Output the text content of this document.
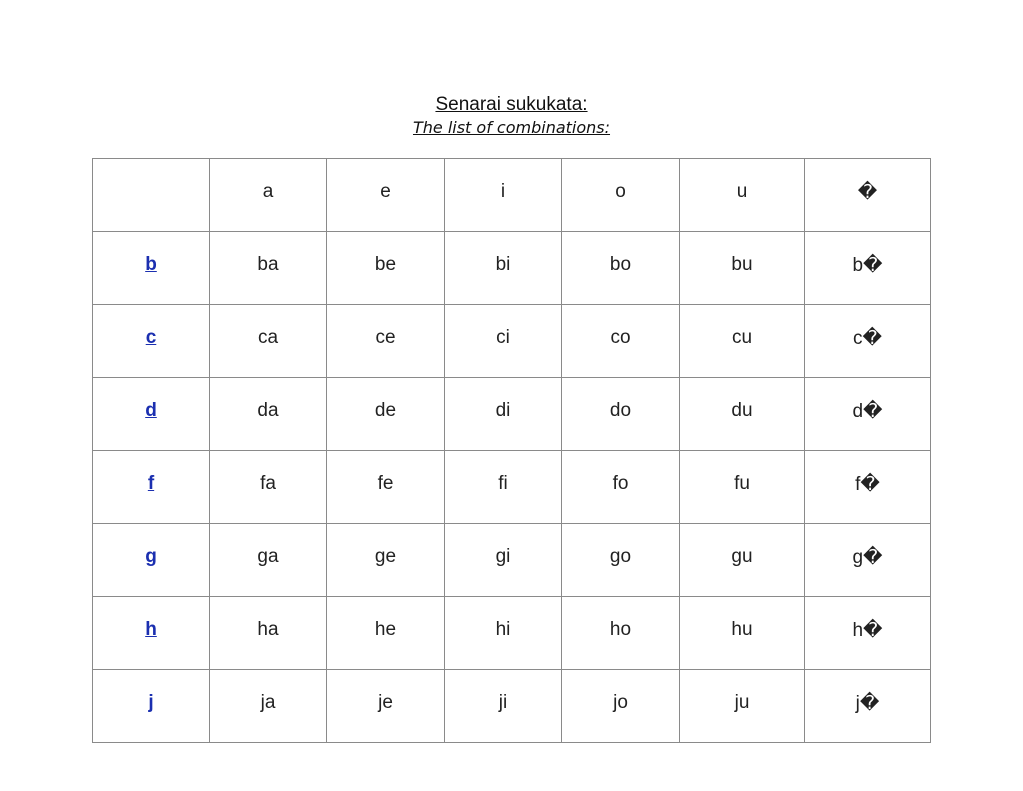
Senarai sukukata:
The list of combinations:
	a	e	i	o	u	�
b	ba	be	bi	bo	bu	b�
c	ca	ce	ci	co	cu	c�
d	da	de	di	do	du	d�
f	fa	fe	fi	fo	fu	f�
g	ga	ge	gi	go	gu	g�
h	ha	he	hi	ho	hu	h�
j	ja	je	ji	jo	ju	j�
